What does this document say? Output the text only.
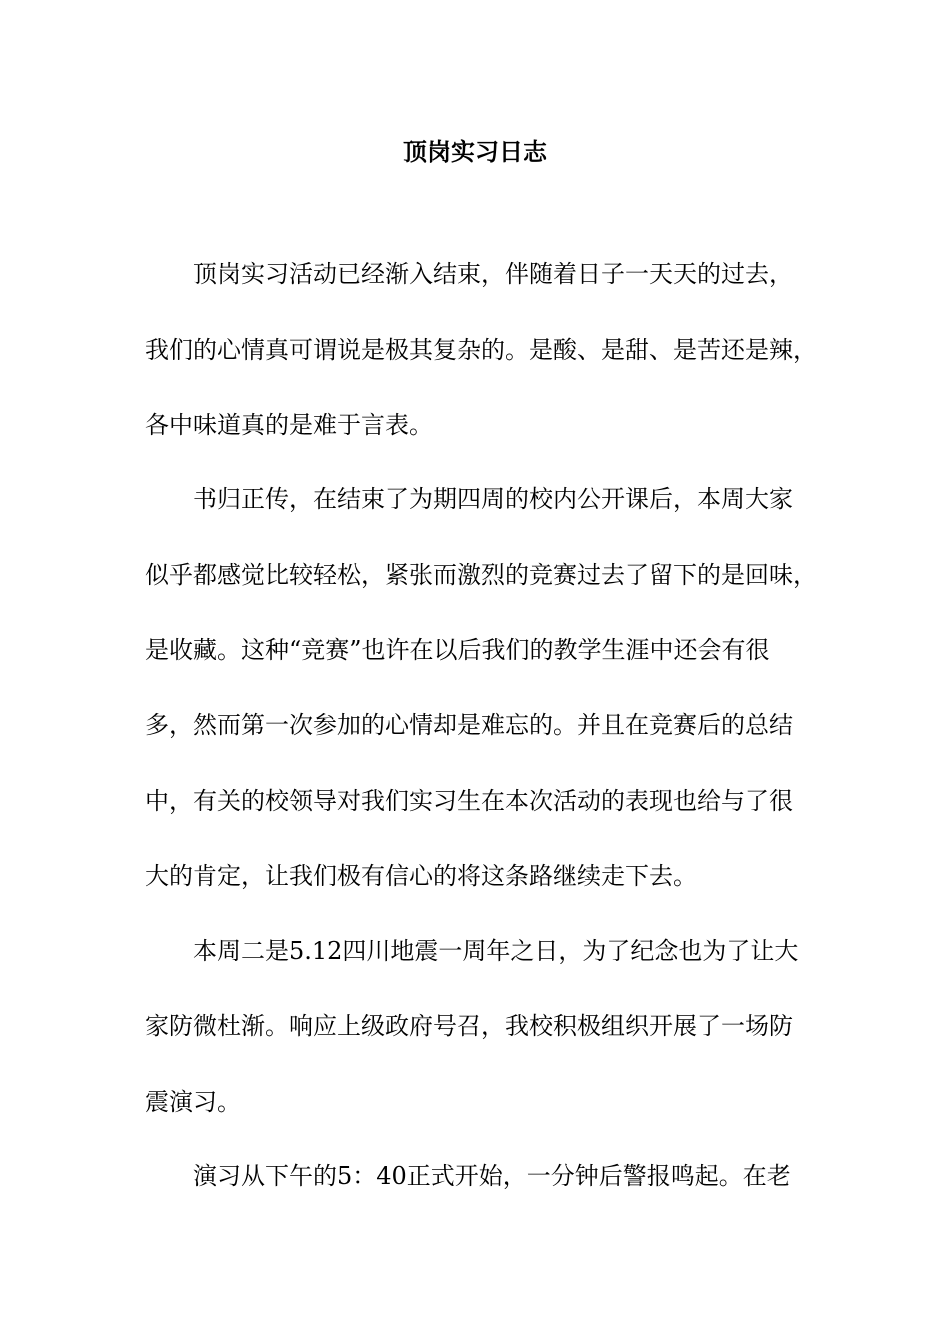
顶岗实习日志
顶岗实习活动已经渐入结束，伴随着日子一天天的过去，
我们的心情真可谓说是极其复杂的。是酸、是甜、是苦还是辣，
各中味道真的是难于言表。
书归正传，在结束了为期四周的校内公开课后，本周大家
似乎都感觉比较轻松，紧张而激烈的竞赛过去了留下的是回味，
是收藏。这种“竞赛”也许在以后我们的教学生涯中还会有很
多，然而第一次参加的心情却是难忘的。并且在竞赛后的总结
中，有关的校领导对我们实习生在本次活动的表现也给与了很
大的肯定，让我们极有信心的将这条路继续走下去。
本周二是5.12四川地震一周年之日，为了纪念也为了让大
家防微杜渐。响应上级政府号召，我校积极组织开展了一场防
震演习。
演习从下午的5：40正式开始，一分钟后警报鸣起。在老
